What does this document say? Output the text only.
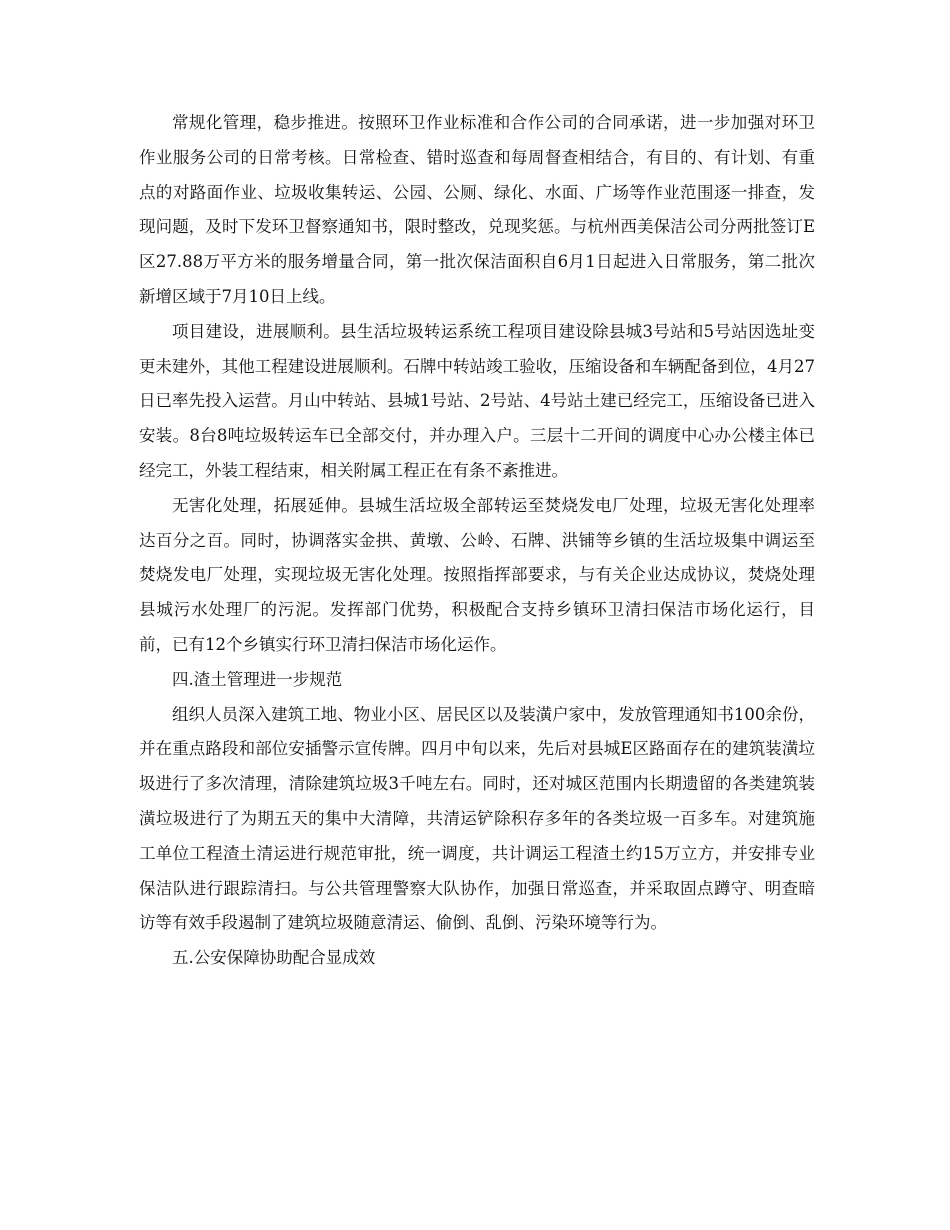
常规化管理，稳步推进。按照环卫作业标准和合作公司的合同承诺，进一步加强对环卫作业服务公司的日常考核。日常检查、错时巡查和每周督查相结合，有目的、有计划、有重点的对路面作业、垃圾收集转运、公园、公厕、绿化、水面、广场等作业范围逐一排查，发现问题，及时下发环卫督察通知书，限时整改，兑现奖惩。与杭州西美保洁公司分两批签订E区27.88万平方米的服务增量合同，第一批次保洁面积自6月1日起进入日常服务，第二批次新增区域于7月10日上线。

项目建设，进展顺利。县生活垃圾转运系统工程项目建设除县城3号站和5号站因选址变更未建外，其他工程建设进展顺利。石牌中转站竣工验收，压缩设备和车辆配备到位，4月27日已率先投入运营。月山中转站、县城1号站、2号站、4号站土建已经完工，压缩设备已进入安装。8台8吨垃圾转运车已全部交付，并办理入户。三层十二开间的调度中心办公楼主体已经完工，外装工程结束，相关附属工程正在有条不紊推进。

无害化处理，拓展延伸。县城生活垃圾全部转运至焚烧发电厂处理，垃圾无害化处理率达百分之百。同时，协调落实金拱、黄墩、公岭、石牌、洪铺等乡镇的生活垃圾集中调运至焚烧发电厂处理，实现垃圾无害化处理。按照指挥部要求，与有关企业达成协议，焚烧处理县城污水处理厂的污泥。发挥部门优势，积极配合支持乡镇环卫清扫保洁市场化运行，目前，已有12个乡镇实行环卫清扫保洁市场化运作。

四.渣土管理进一步规范

组织人员深入建筑工地、物业小区、居民区以及装潢户家中，发放管理通知书100余份，并在重点路段和部位安插警示宣传牌。四月中旬以来，先后对县城E区路面存在的建筑装潢垃圾进行了多次清理，清除建筑垃圾3千吨左右。同时，还对城区范围内长期遗留的各类建筑装潢垃圾进行了为期五天的集中大清障，共清运铲除积存多年的各类垃圾一百多车。对建筑施工单位工程渣土清运进行规范审批，统一调度，共计调运工程渣土约15万立方，并安排专业保洁队进行跟踪清扫。与公共管理警察大队协作，加强日常巡查，并采取固点蹲守、明查暗访等有效手段遏制了建筑垃圾随意清运、偷倒、乱倒、污染环境等行为。

五.公安保障协助配合显成效
